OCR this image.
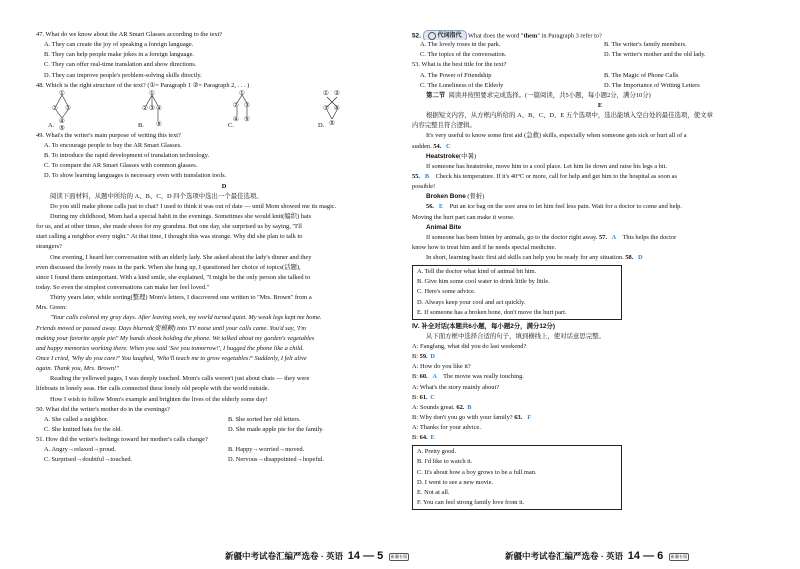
47. What do we know about the AR Smart Glasses according to the text?
A. They can create the joy of speaking a foreign language.
B. They can help people make jokes in a foreign language.
C. They can offer real-time translation and show directions.
D. They can improve people's problem-solving skills directly.
48. Which is the right structure of the text? (①= Paragraph 1 ②= Paragraph 2, . . . )
①
② ③
④
A. ⑤
①
② ③ ④
B. ⑤
①
② ③
④ ⑤
C.
① ②
③ ④
D. ⑤
49. What's the writer's main purpose of writing this text?
A. To encourage people to buy the AR Smart Glasses.
B. To introduce the rapid development of translation technology.
C. To compare the AR Smart Glasses with common glasses.
D. To show learning languages is necessary even with translation tools.
D
阅读下面材料，从题中所给的 A、B、C、D 四个选项中选出一个最佳选项。
Do you still make phone calls just to chat? I used to think it was out of date — until Mom showed me its magic.
During my childhood, Mom had a special habit in the evenings. Sometimes she would knit(编织) hats
for us, and at other times, she made shoes for my grandma. But one day, she surprised us by saying, "I'll
start calling a neighbor every night." At that time, I thought this was strange. Why did she plan to talk to
strangers?
One evening, I heard her conversation with an elderly lady. She asked about the lady's dinner and they
even discussed the lovely roses in the park. When she hung up, I questioned her choice of topics(话题),
since I found them unimportant. With a kind smile, she explained, "I might be the only person she talked to
today. So even the simplest conversations can make her feel loved."
Thirty years later, while sorting(整理) Mom's letters, I discovered one written to "Mrs. Brown" from a
Mrs. Green:
"Your calls colored my gray days. After leaving work, my world turned quiet. My weak legs kept me home.
Friends moved or passed away. Days blurred(变模糊) into TV noise until your calls came. You'd say, 'I'm
making your favorite apple pie!' My hands shook holding the phone. We talked about my garden's vegetables
and happy memories working there. When you said 'See you tomorrow!', I hugged the phone like a child.
Once I cried, 'Why do you care?' You laughed, 'Who'll teach me to grow vegetables?' Suddenly, I felt alive
again. Thank you, Mrs. Brown!"
Reading the yellowed pages, I was deeply touched. Mom's calls weren't just about chats — they were
lifeboats in lonely seas. Her calls connected these lonely old people with the world outside.
How I wish to follow Mom's example and brighten the lives of the elderly some day!
50. What did the writer's mother do in the evenings?
A. She called a neighbor.	B. She sorted her old letters.
C. She knitted hats for the old.	D. She made apple pie for the family.
51. How did the writer's feelings toward her mother's calls change?
A. Angry→relaxed→proud.	B. Happy→worried→moved.
C. Surprised→doubtful→touched.	D. Nervous→disappointed→hopeful.
新疆中考试卷汇编严选卷 · 英语 14 — 5 新疆专版
52.	代词指代 What does the word "them" in Paragraph 3 refer to?
A. The lovely roses in the park.	B. The writer's family members.
C. The topics of the conversation.	D. The writer's mother and the old lady.
53. What is the best title for the text?
A. The Power of Friendship	B. The Magic of Phone Calls
C. The Loneliness of the Elderly	D. The Importance of Writing Letters
第二节 阅读并按照要求完成选择。(一篇阅读，共5小题，每小题2分，满分10分)
E
根据短文内容，从方框内所给的 A、B、C、D、E 五个选项中，选出能填入空白处的最佳选项，使文章
内容完整且符合逻辑。
It's very useful to know some first aid (急救) skills, especially when someone gets sick or hurt all of a
sudden. 54. C
Heatstroke(中暑)
If someone has heatstroke, move him to a cool place. Let him lie down and raise his legs a bit.
55. B Check his temperature. If it's 40°C or more, call for help and get him to the hospital as soon as
possible!
Broken Bone (骨折)
56. E Put an ice bag on the sore area to let him feel less pain. Wait for a doctor to come and help.
Moving the hurt part can make it worse.
Animal Bite
If someone has been bitten by animals, go to the doctor right away. 57. A This helps the doctor
know how to treat him and if he needs special medicine.
In short, learning basic first aid skills can help you be ready for any situation. 58. D
A. Tell the doctor what kind of animal bit him.
B. Give him some cool water to drink little by little.
C. Here's some advice.
D. Always keep your cool and act quickly.
E. If someone has a broken bone, don't move the hurt part.
Ⅳ. 补全对话(本题共6小题，每小题2分，满分12分)
从下面方框中选择合适的句子，填到横线上，使对话意思完整。
A: Fangfang, what did you do last weekend?
B: 59. D
A: How do you like it?
B: 60. A The movie was really touching.
A: What's the story mainly about?
B: 61. C
A: Sounds great. 62. B
B: Why don't you go with your family? 63. F
A: Thanks for your advice.
B: 64. E
A. Pretty good.
B. I'd like to watch it.
C. It's about how a boy grows to be a full man.
D. I went to see a new movie.
E. Not at all.
F. You can feel strong family love from it.
新疆中考试卷汇编严选卷 · 英语 14 — 6 新疆专版
